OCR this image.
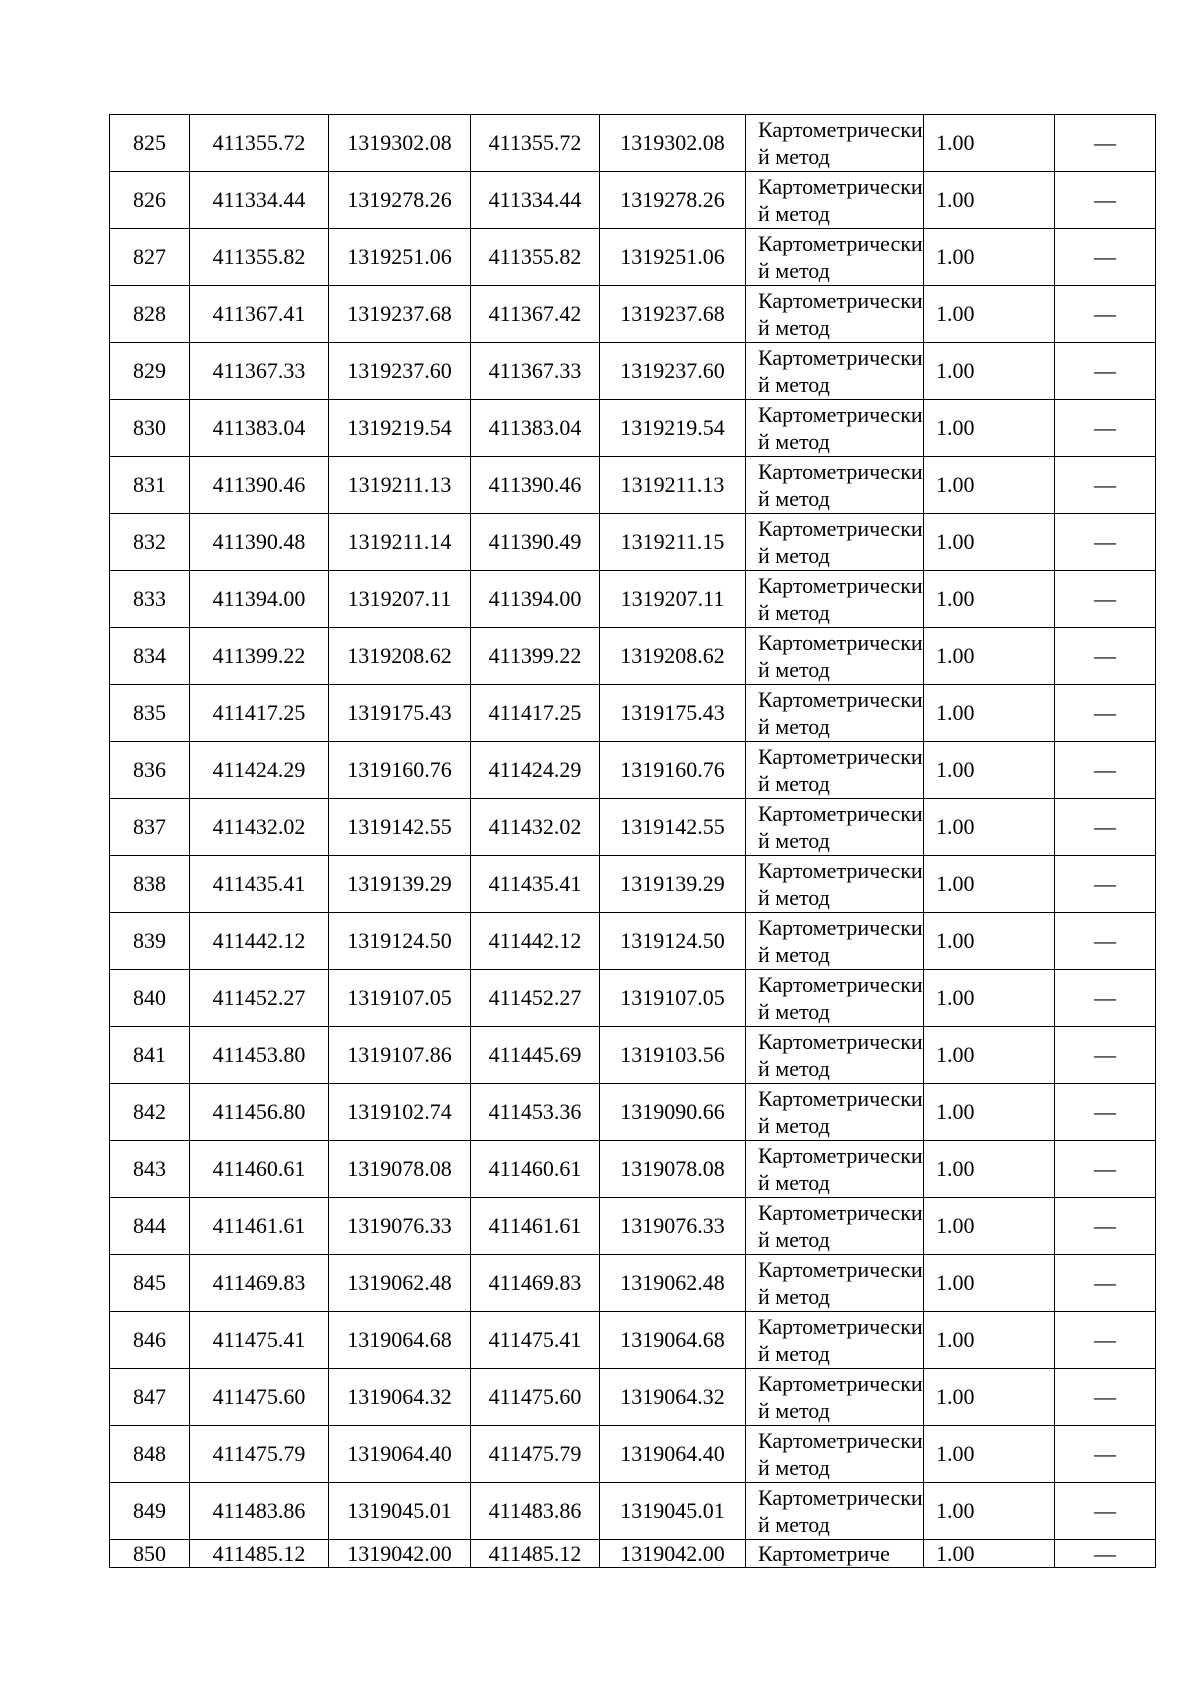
825	411355.72	1319302.08	411355.72	1319302.08	Картометрический метод	1.00	—
826	411334.44	1319278.26	411334.44	1319278.26	Картометрический метод	1.00	—
827	411355.82	1319251.06	411355.82	1319251.06	Картометрический метод	1.00	—
828	411367.41	1319237.68	411367.42	1319237.68	Картометрический метод	1.00	—
829	411367.33	1319237.60	411367.33	1319237.60	Картометрический метод	1.00	—
830	411383.04	1319219.54	411383.04	1319219.54	Картометрический метод	1.00	—
831	411390.46	1319211.13	411390.46	1319211.13	Картометрический метод	1.00	—
832	411390.48	1319211.14	411390.49	1319211.15	Картометрический метод	1.00	—
833	411394.00	1319207.11	411394.00	1319207.11	Картометрический метод	1.00	—
834	411399.22	1319208.62	411399.22	1319208.62	Картометрический метод	1.00	—
835	411417.25	1319175.43	411417.25	1319175.43	Картометрический метод	1.00	—
836	411424.29	1319160.76	411424.29	1319160.76	Картометрический метод	1.00	—
837	411432.02	1319142.55	411432.02	1319142.55	Картометрический метод	1.00	—
838	411435.41	1319139.29	411435.41	1319139.29	Картометрический метод	1.00	—
839	411442.12	1319124.50	411442.12	1319124.50	Картометрический метод	1.00	—
840	411452.27	1319107.05	411452.27	1319107.05	Картометрический метод	1.00	—
841	411453.80	1319107.86	411445.69	1319103.56	Картометрический метод	1.00	—
842	411456.80	1319102.74	411453.36	1319090.66	Картометрический метод	1.00	—
843	411460.61	1319078.08	411460.61	1319078.08	Картометрический метод	1.00	—
844	411461.61	1319076.33	411461.61	1319076.33	Картометрический метод	1.00	—
845	411469.83	1319062.48	411469.83	1319062.48	Картометрический метод	1.00	—
846	411475.41	1319064.68	411475.41	1319064.68	Картометрический метод	1.00	—
847	411475.60	1319064.32	411475.60	1319064.32	Картометрический метод	1.00	—
848	411475.79	1319064.40	411475.79	1319064.40	Картометрический метод	1.00	—
849	411483.86	1319045.01	411483.86	1319045.01	Картометрический метод	1.00	—
850	411485.12	1319042.00	411485.12	1319042.00	Картометриче	1.00	—
